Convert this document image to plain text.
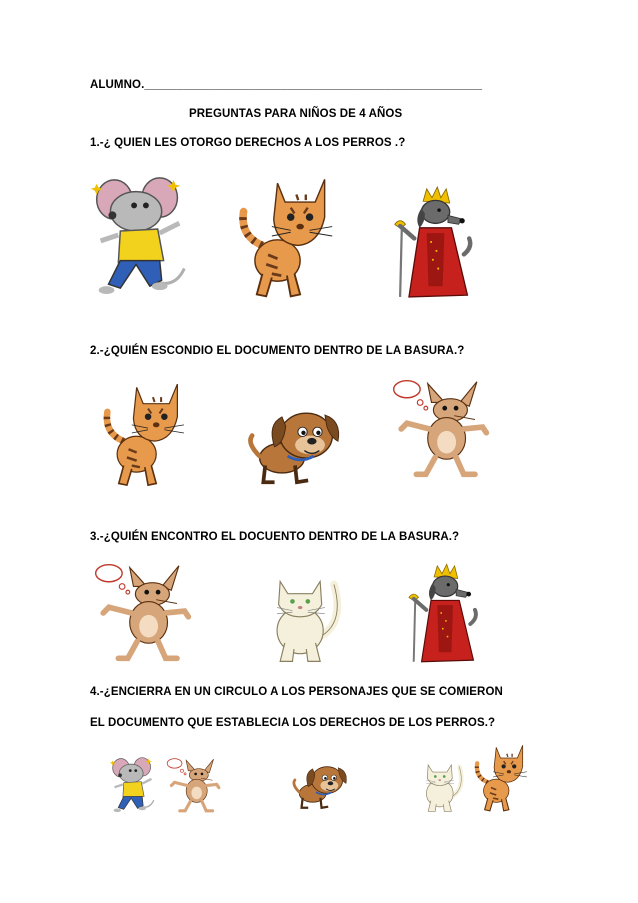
ALUMNO.____________________________________________________
PREGUNTAS PARA NIÑOS DE 4 AÑOS
1.-¿ QUIEN LES OTORGO DERECHOS A LOS PERROS .?
2.-¿QUIÉN ESCONDIO EL DOCUMENTO DENTRO DE LA BASURA.?
3.-¿QUIÉN ENCONTRO EL DOCUENTO DENTRO DE LA BASURA.?
4.-¿ENCIERRA EN UN CIRCULO A LOS PERSONAJES QUE SE COMIERON
EL DOCUMENTO QUE ESTABLECIA LOS DERECHOS DE LOS PERROS.?
